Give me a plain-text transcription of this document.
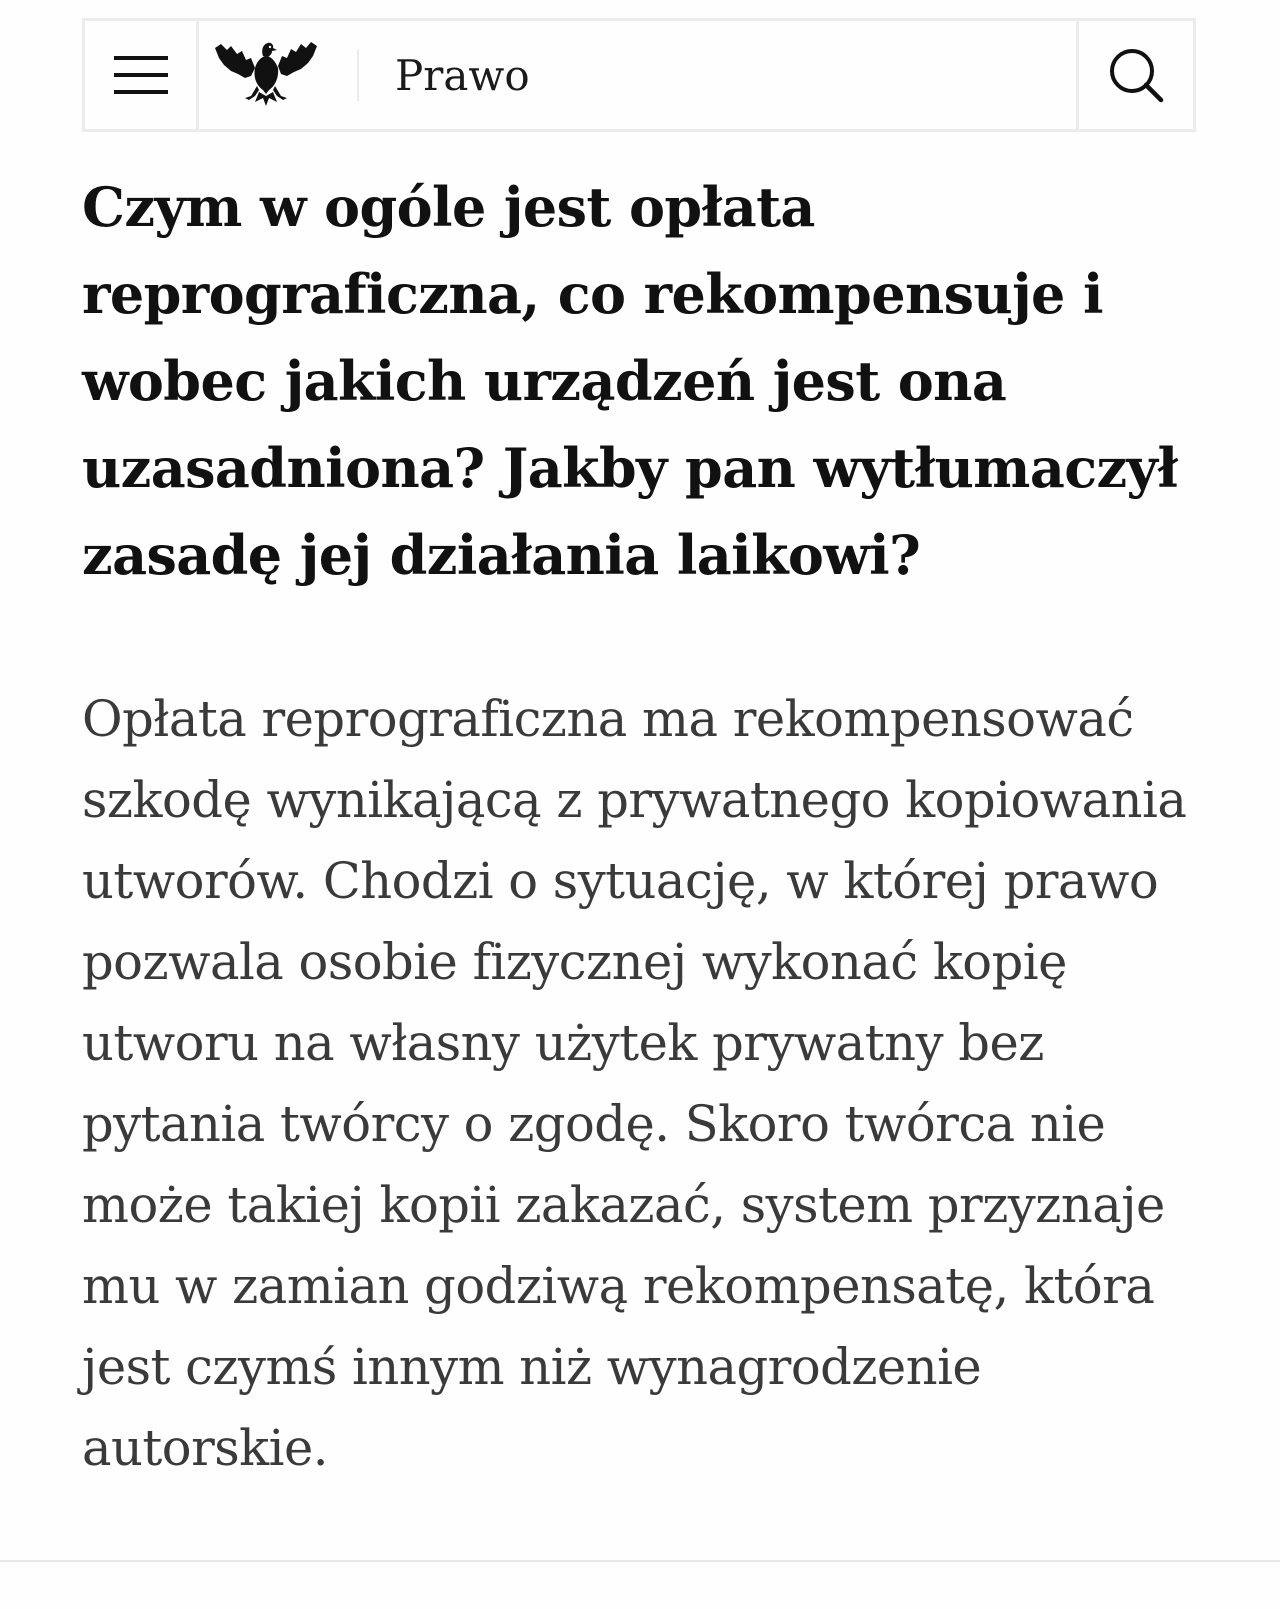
Prawo
Czym w ogóle jest opłata reprograficzna, co rekompensuje i wobec jakich urządzeń jest ona uzasadniona? Jakby pan wytłumaczył zasadę jej działania laikowi?

Opłata reprograficzna ma rekompensować szkodę wynikającą z prywatnego kopiowania utworów. Chodzi o sytuację, w której prawo pozwala osobie fizycznej wykonać kopię utworu na własny użytek prywatny bez pytania twórcy o zgodę. Skoro twórca nie może takiej kopii zakazać, system przyznaje mu w zamian godziwą rekompensatę, która jest czymś innym niż wynagrodzenie autorskie.
